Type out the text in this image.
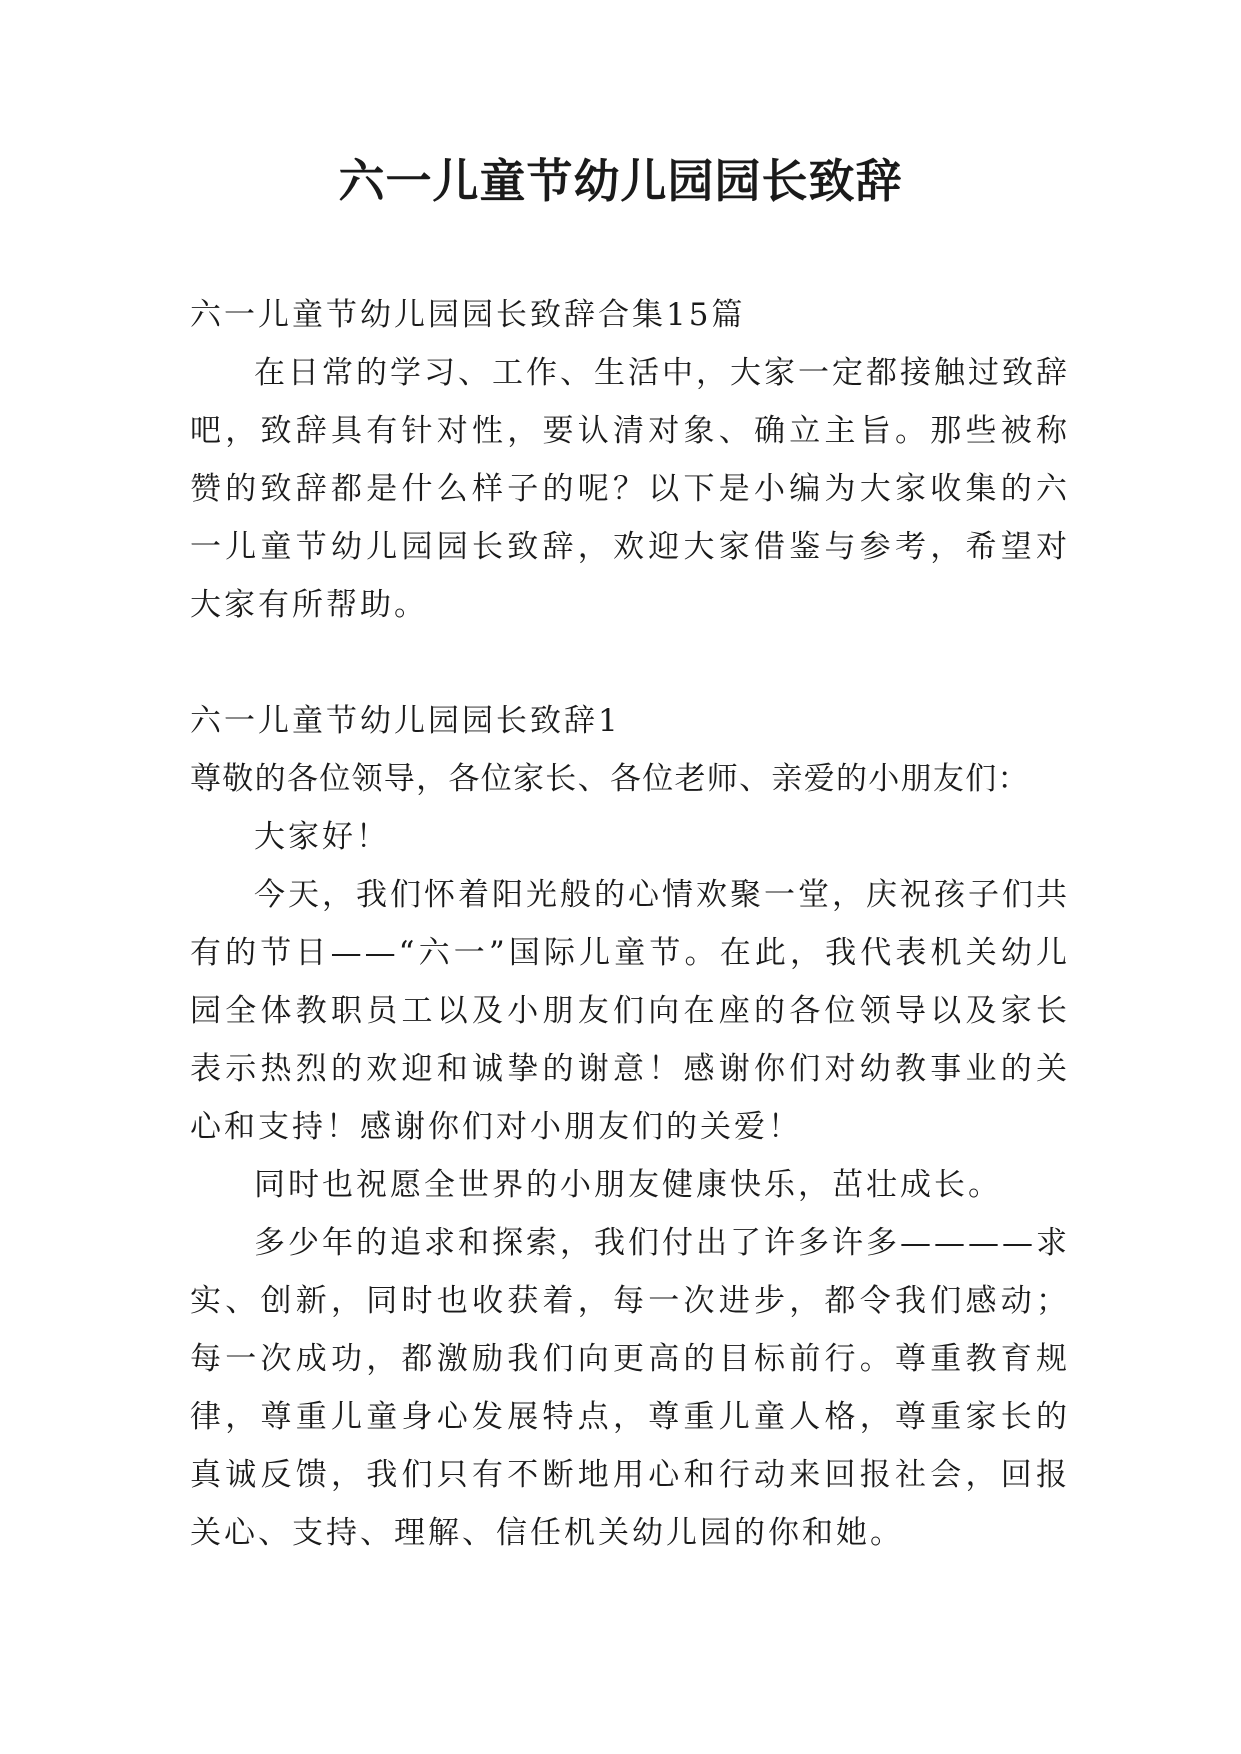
六一儿童节幼儿园园长致辞

六一儿童节幼儿园园长致辞合集15篇

在日常的学习、工作、生活中，大家一定都接触过致辞吧，致辞具有针对性，要认清对象、确立主旨。那些被称赞的致辞都是什么样子的呢？以下是小编为大家收集的六一儿童节幼儿园园长致辞，欢迎大家借鉴与参考，希望对大家有所帮助。

六一儿童节幼儿园园长致辞1

尊敬的各位领导，各位家长、各位老师、亲爱的小朋友们：

大家好！

今天，我们怀着阳光般的心情欢聚一堂，庆祝孩子们共有的节日——“六一”国际儿童节。在此，我代表机关幼儿园全体教职员工以及小朋友们向在座的各位领导以及家长表示热烈的欢迎和诚挚的谢意！感谢你们对幼教事业的关心和支持！感谢你们对小朋友们的关爱！

同时也祝愿全世界的小朋友健康快乐，茁壮成长。

多少年的追求和探索，我们付出了许多许多————求实、创新，同时也收获着，每一次进步，都令我们感动；每一次成功，都激励我们向更高的目标前行。尊重教育规律，尊重儿童身心发展特点，尊重儿童人格，尊重家长的真诚反馈，我们只有不断地用心和行动来回报社会，回报关心、支持、理解、信任机关幼儿园的你和她。
